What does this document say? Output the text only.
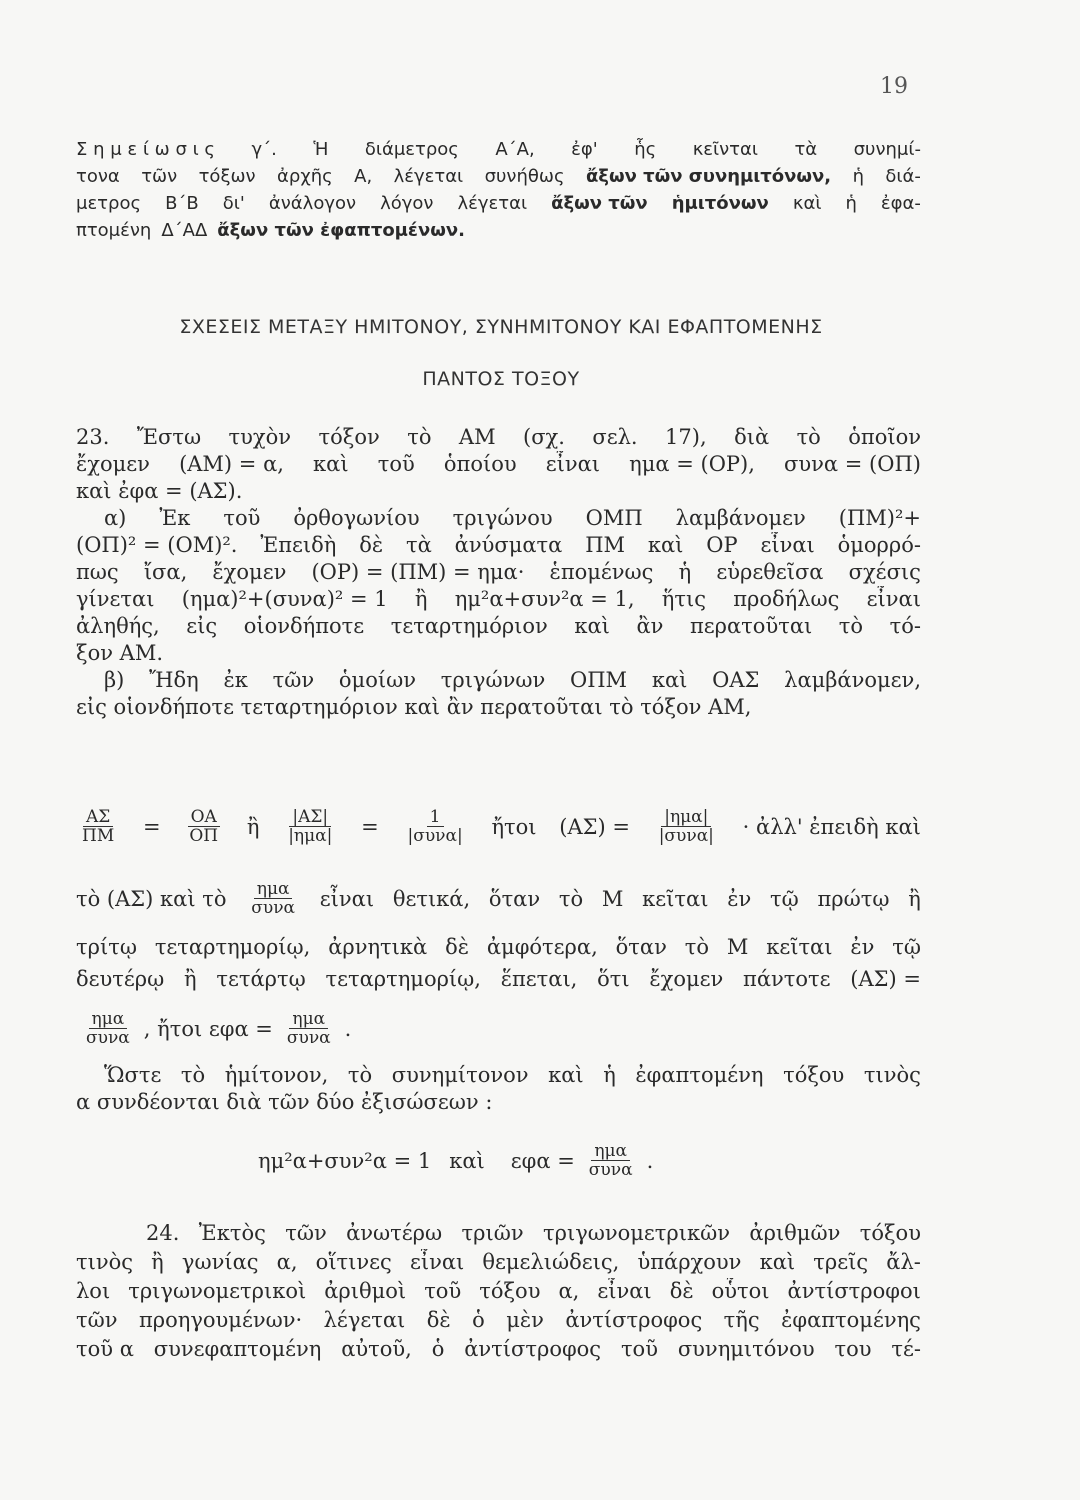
19
Σ η μ ε ί ω σ ι ς γ΄. Ἡ διάμετρος Α΄Α, ἐφ' ἧς κεῖνται τὰ συνημί-
τονα τῶν τόξων ἀρχῆς Α, λέγεται συνήθως ἄξων τῶν συνημιτόνων, ἡ διά-
μετρος Β΄Β δι' ἀνάλογον λόγον λέγεται ἄξων τῶν ἡμιτόνων καὶ ἡ ἐφα-
πτομένη Δ΄ΑΔ ἄξων τῶν ἐφαπτομένων.
ΣΧΕΣΕΙΣ ΜΕΤΑΞΥ ΗΜΙΤΟΝΟΥ, ΣΥΝΗΜΙΤΟΝΟΥ ΚΑΙ ΕΦΑΠΤΟΜΕΝΗΣ
ΠΑΝΤΟΣ ΤΟΞΟΥ
23. Ἔστω τυχὸν τόξον τὸ ΑΜ (σχ. σελ. 17), διὰ τὸ ὁποῖον
ἔχομεν (ΑΜ) = α, καὶ τοῦ ὁποίου εἶναι ημα = (ΟΡ), συνα = (ΟΠ)
καὶ ἐφα = (ΑΣ).
α) Ἐκ τοῦ ὀρθογωνίου τριγώνου ΟΜΠ λαμβάνομεν (ΠΜ)²+
(ΟΠ)² = (ΟΜ)². Ἐπειδὴ δὲ τὰ ἀνύσματα ΠΜ καὶ ΟΡ εἶναι ὁμορρό-
πως ἴσα, ἔχομεν (ΟΡ) = (ΠΜ) = ημα· ἑπομένως ἡ εὑρεθεῖσα σχέσις
γίνεται (ημα)²+(συνα)² = 1 ἢ ημ²α+συν²α = 1, ἥτις προδήλως εἶναι
ἀληθής, εἰς οἱονδήποτε τεταρτημόριον καὶ ἂν περατοῦται τὸ τό-
ξον ΑΜ.
β) Ἤδη ἐκ τῶν ὁμοίων τριγώνων ΟΠΜ καὶ ΟΑΣ λαμβάνομεν,
εἰς οἱονδήποτε τεταρτημόριον καὶ ἂν περατοῦται τὸ τόξον ΑΜ,
$\frac{A\Sigma}{\Pi M} = \frac{OA}{O\Pi}$ ἢ $\frac{|A\Sigma|}{\text{|ημα|}} = \frac{1}{\text{|συνα|}}$ ἤτοι $(A\Sigma) = \frac{\text{|ημα|}}{\text{|συνα|}}$ · ἀλλ' ἐπειδὴ καὶ
τὸ (ΑΣ) καὶ τὸ $\frac{\text{ημα}}{\text{συνα}}$ εἶναι θετικά, ὅταν τὸ Μ κεῖται ἐν τῷ πρώτῳ ἢ
τρίτῳ τεταρτημορίῳ, ἀρνητικὰ δὲ ἀμφότερα, ὅταν τὸ Μ κεῖται ἐν τῷ
δευτέρῳ ἢ τετάρτῳ τεταρτημορίῳ, ἕπεται, ὅτι ἔχομεν πάντοτε (ΑΣ) =
$\frac{\text{ημα}}{\text{συνα}}$ , ἤτοι $\varepsilon\varphi\alpha = \frac{\text{ημα}}{\text{συνα}}$ .
Ὥστε τὸ ἡμίτονον, τὸ συνημίτονον καὶ ἡ ἐφαπτομένη τόξου τινὸς
α συνδέονται διὰ τῶν δύο ἐξισώσεων :
ημ²α+συν²α = 1 καὶ $\varepsilon\varphi\alpha = \frac{\text{ημα}}{\text{συνα}}$ .
24. Ἐκτὸς τῶν ἀνωτέρω τριῶν τριγωνομετρικῶν ἀριθμῶν τόξου
τινὸς ἢ γωνίας α, οἵτινες εἶναι θεμελιώδεις, ὑπάρχουν καὶ τρεῖς ἄλ-
λοι τριγωνομετρικοὶ ἀριθμοὶ τοῦ τόξου α, εἶναι δὲ οὗτοι ἀντίστροφοι
τῶν προηγουμένων· λέγεται δὲ ὁ μὲν ἀντίστροφος τῆς ἐφαπτομένης
τοῦ α συνεφαπτομένη αὐτοῦ, ὁ ἀντίστροφος τοῦ συνημιτόνου του τέ-
